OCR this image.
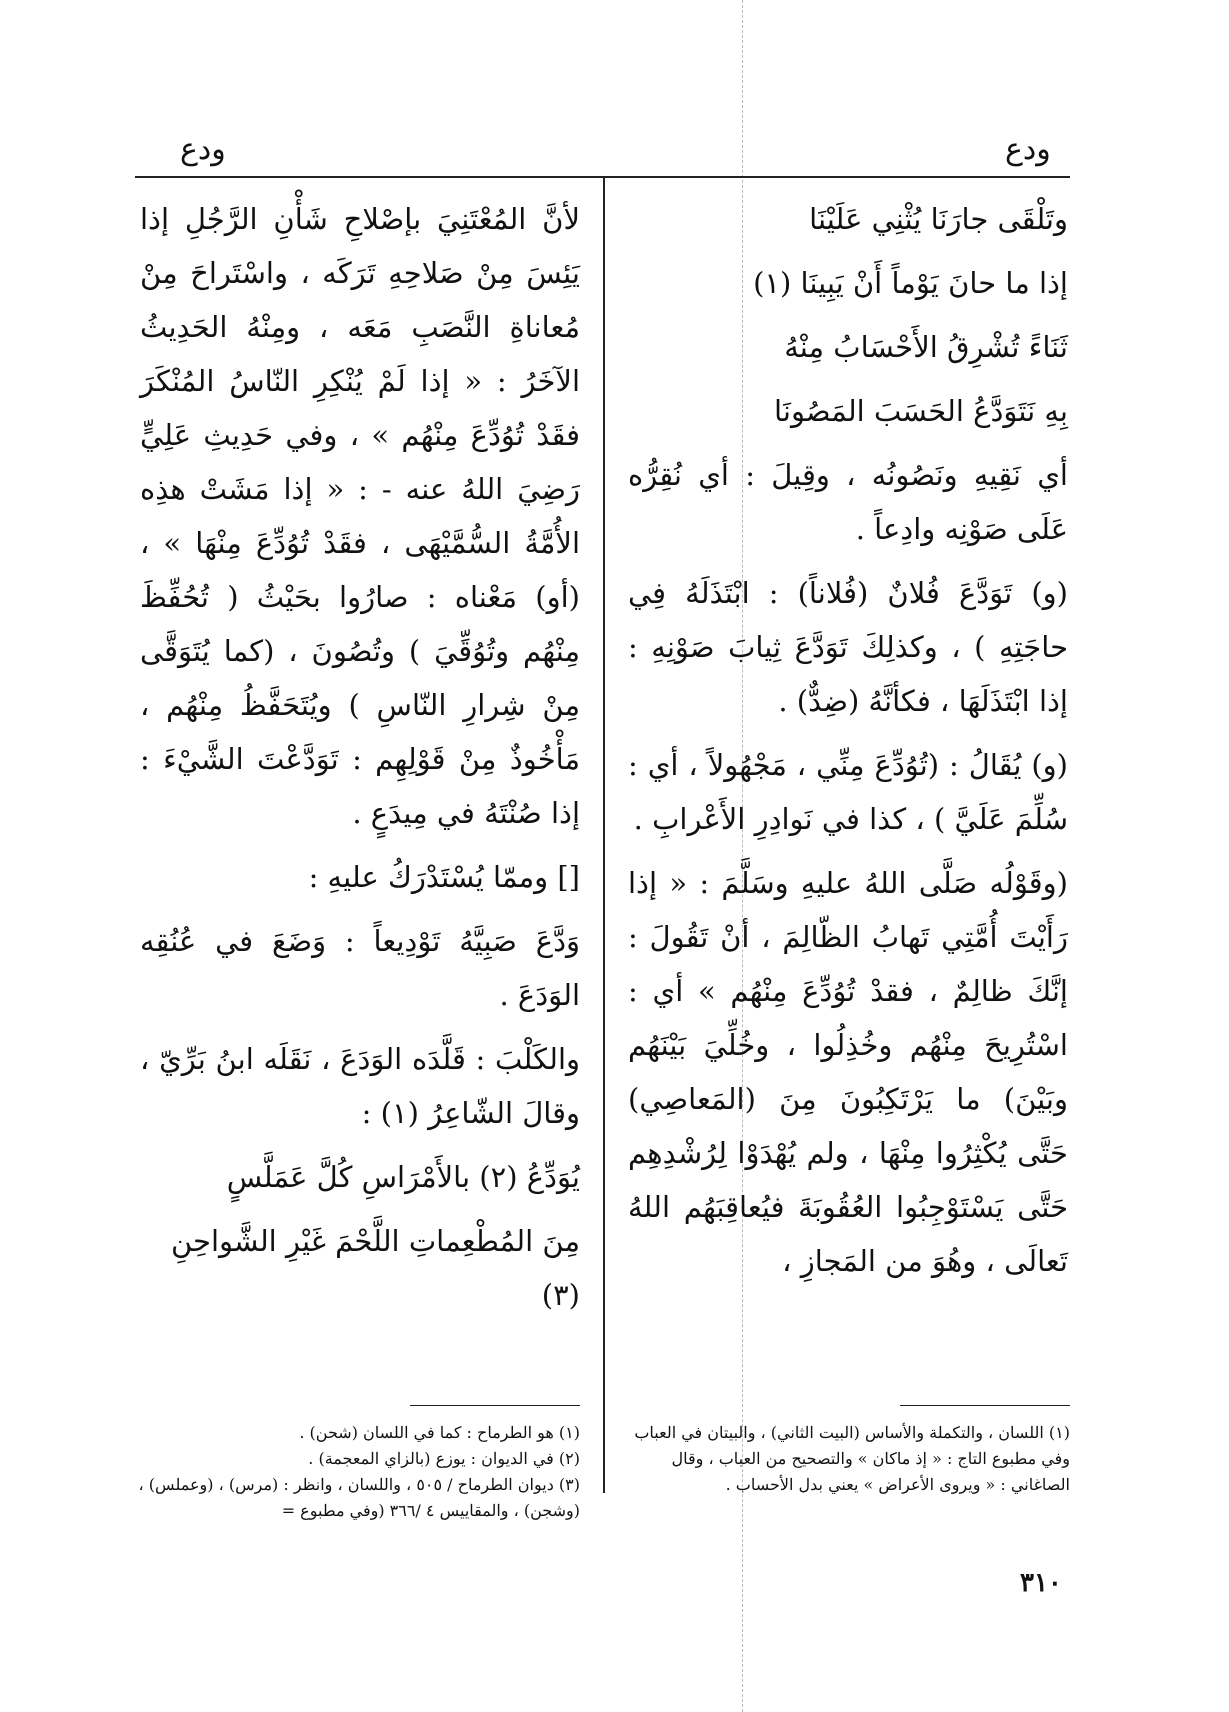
ودع
ودع

وتَلْقَى جارَنَا يُثْنِي عَلَيْنَا

إذا ما حانَ يَوْماً أَنْ يَبِينَا (١)

ثَنَاءً تُشْرِقُ الأَحْسَابُ مِنْهُ

بِهِ نَتَوَدَّعُ الحَسَبَ المَصُونَا

أي نَقِيهِ ونَصُونُه ، وقِيلَ : أي نُقِرُّه عَلَى صَوْنِه وادِعاً .

(و) تَوَدَّعَ فُلانٌ (فُلاناً) : ابْتَذَلَهُ فِي حاجَتِهِ ) ، وكذلِكَ تَوَدَّعَ ثِيابَ صَوْنِهِ : إذا ابْتَذَلَهَا ، فكأنَّهُ (ضِدٌّ) .

(و) يُقَالُ : (تُوُدِّعَ مِنِّي ، مَجْهُولاً ، أي : سُلِّمَ عَلَيَّ ) ، كذا في نَوادِرِ الأَعْرابِ .

(وقَوْلُه صَلَّى اللهُ عليهِ وسَلَّمَ : « إذا رَأَيْتَ أُمَّتِي تَهابُ الظّالِمَ ، أنْ تَقُولَ : إنَّكَ ظالِمٌ ، فقدْ تُوُدِّعَ مِنْهُم » أي : اسْتُرِيحَ مِنْهُم وخُذِلُوا ، وخُلِّيَ بَيْنَهُم وبَيْنَ) ما يَرْتَكِبُونَ مِنَ (المَعاصِي) حَتَّى يُكْثِرُوا مِنْهَا ، ولم يُهْدَوْا لِرُشْدِهِم حَتَّى يَسْتَوْجِبُوا العُقُوبَةَ فيُعاقِبَهُم اللهُ تَعالَى ، وهُوَ من المَجازِ ،

لأنَّ المُعْتَنِيَ بإصْلاحِ شَأْنِ الرَّجُلِ إذا يَئِسَ مِنْ صَلاحِهِ تَرَكَه ، واسْتَراحَ مِنْ مُعاناةِ النَّصَبِ مَعَه ، ومِنْهُ الحَدِيثُ الآخَرُ : « إذا لَمْ يُنْكِرِ النّاسُ المُنْكَرَ فقَدْ تُوُدِّعَ مِنْهُم » ، وفي حَدِيثِ عَلِيٍّ رَضِيَ اللهُ عنه - : « إذا مَشَتْ هذِه الأُمَّةُ السُّمَّيْهَى ، فقَدْ تُوُدِّعَ مِنْهَا » ، (أو) مَعْناه : صارُوا بحَيْثُ ( تُحُفِّظَ مِنْهُم وتُوُقِّيَ ) وتُصُونَ ، (كما يُتَوَقَّى مِنْ شِرارِ النّاسِ ) ويُتَحَفَّظُ مِنْهُم ، مَأْخُوذٌ مِنْ قَوْلِهِم : تَوَدَّعْتَ الشَّيْءَ : إذا صُنْتَهُ في مِيدَعٍ .

[] وممّا يُسْتَدْرَكُ عليهِ :

وَدَّعَ صَبِيَّهُ تَوْدِيعاً : وَضَعَ في عُنُقِه الوَدَعَ .

والكَلْبَ : قَلَّدَه الوَدَعَ ، نَقَلَه ابنُ بَرِّيّ ، وقالَ الشّاعِرُ (١) :

يُوَدِّعُ (٢) بالأَمْرَاسِ كُلَّ عَمَلَّسٍ

مِنَ المُطْعِماتِ اللَّحْمَ غَيْرِ الشَّواحِنِ (٣)

(١) اللسان ، والتكملة والأساس (البيت الثاني) ، والبيتان في العباب وفي مطبوع التاج : « إذ ماكان » والتصحيح من العباب ، وقال الصاغاني : « ويروى الأعراض » يعني بدل الأحساب .

(١) هو الطرماح : كما في اللسان (شحن) .

(٢) في الديوان : يوزع (بالزاي المعجمة) .

(٣) ديوان الطرماح / ٥٠٥ ، واللسان ، وانظر : (مرس) ، (وعملس) ، (وشجن) ، والمقاييس ٤ /٣٦٦ (وفي مطبوع =

٣١٠
